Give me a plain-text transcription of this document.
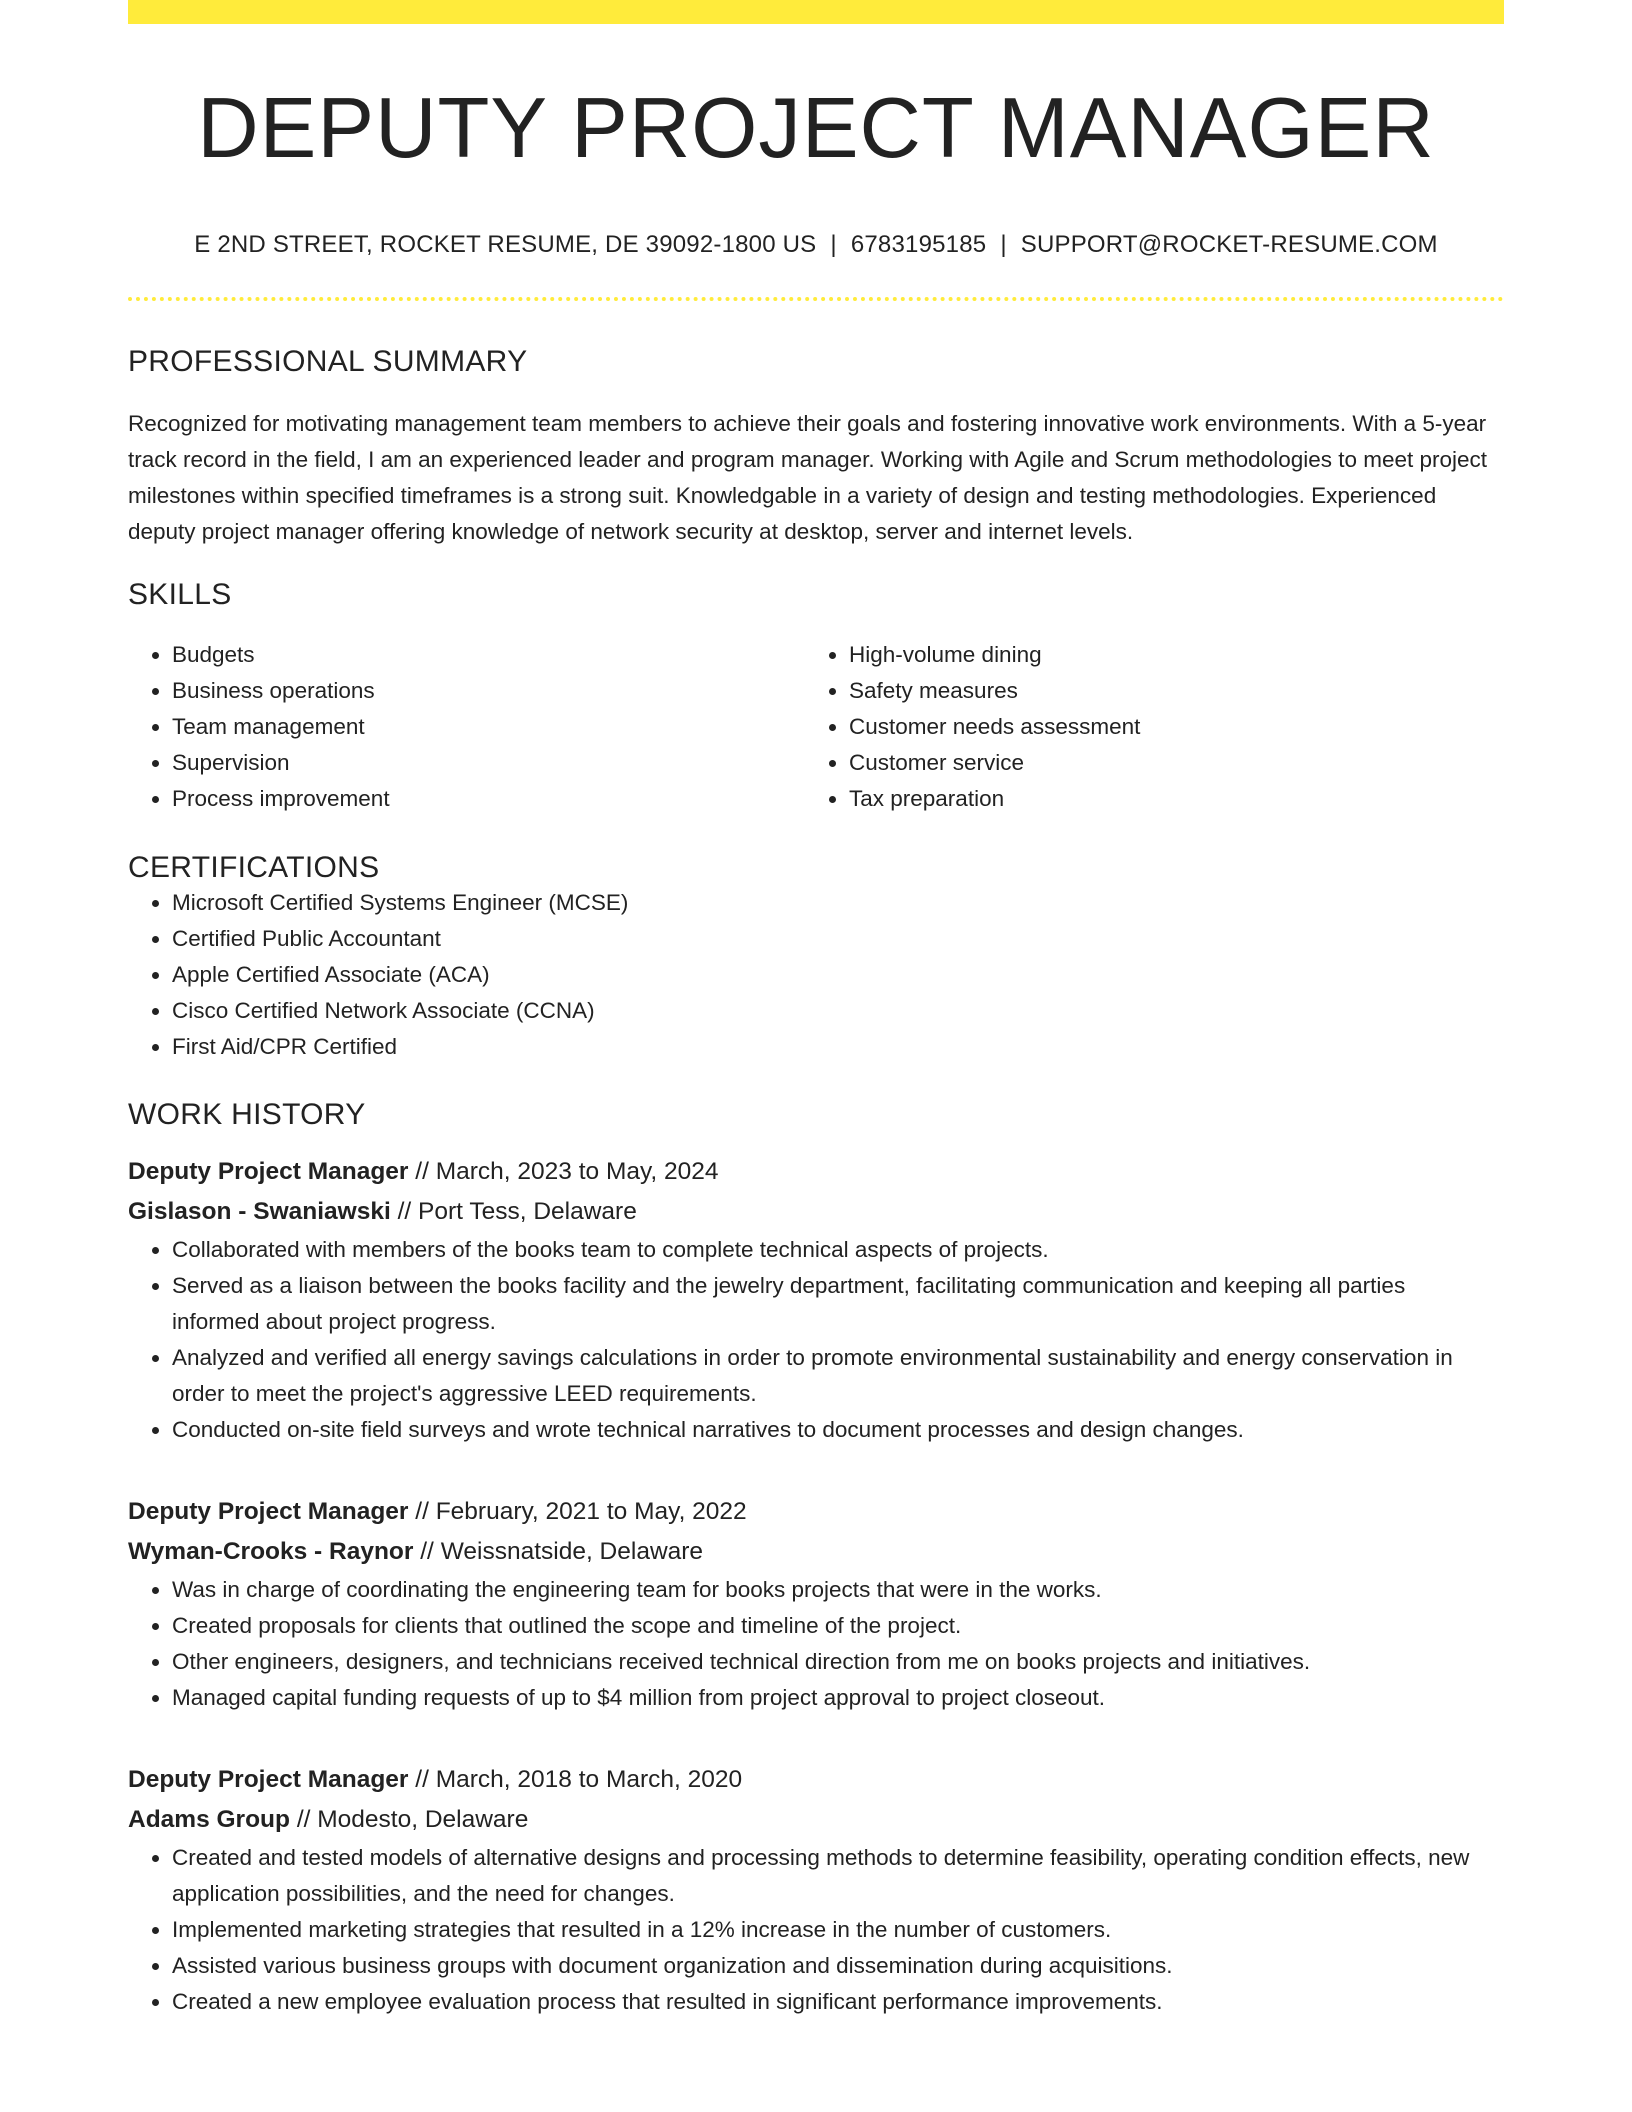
DEPUTY PROJECT MANAGER
E 2ND STREET, ROCKET RESUME, DE 39092-1800 US | 6783195185 | SUPPORT@ROCKET-RESUME.COM
PROFESSIONAL SUMMARY
Recognized for motivating management team members to achieve their goals and fostering innovative work environments. With a 5-year track record in the field, I am an experienced leader and program manager. Working with Agile and Scrum methodologies to meet project milestones within specified timeframes is a strong suit. Knowledgable in a variety of design and testing methodologies. Experienced deputy project manager offering knowledge of network security at desktop, server and internet levels.
SKILLS
• Budgets
• Business operations
• Team management
• Supervision
• Process improvement
• High-volume dining
• Safety measures
• Customer needs assessment
• Customer service
• Tax preparation
CERTIFICATIONS
• Microsoft Certified Systems Engineer (MCSE)
• Certified Public Accountant
• Apple Certified Associate (ACA)
• Cisco Certified Network Associate (CCNA)
• First Aid/CPR Certified
WORK HISTORY
Deputy Project Manager // March, 2023 to May, 2024
Gislason - Swaniawski // Port Tess, Delaware
• Collaborated with members of the books team to complete technical aspects of projects.
• Served as a liaison between the books facility and the jewelry department, facilitating communication and keeping all parties informed about project progress.
• Analyzed and verified all energy savings calculations in order to promote environmental sustainability and energy conservation in order to meet the project's aggressive LEED requirements.
• Conducted on-site field surveys and wrote technical narratives to document processes and design changes.
Deputy Project Manager // February, 2021 to May, 2022
Wyman-Crooks - Raynor // Weissnatside, Delaware
• Was in charge of coordinating the engineering team for books projects that were in the works.
• Created proposals for clients that outlined the scope and timeline of the project.
• Other engineers, designers, and technicians received technical direction from me on books projects and initiatives.
• Managed capital funding requests of up to $4 million from project approval to project closeout.
Deputy Project Manager // March, 2018 to March, 2020
Adams Group // Modesto, Delaware
• Created and tested models of alternative designs and processing methods to determine feasibility, operating condition effects, new application possibilities, and the need for changes.
• Implemented marketing strategies that resulted in a 12% increase in the number of customers.
• Assisted various business groups with document organization and dissemination during acquisitions.
• Created a new employee evaluation process that resulted in significant performance improvements.
